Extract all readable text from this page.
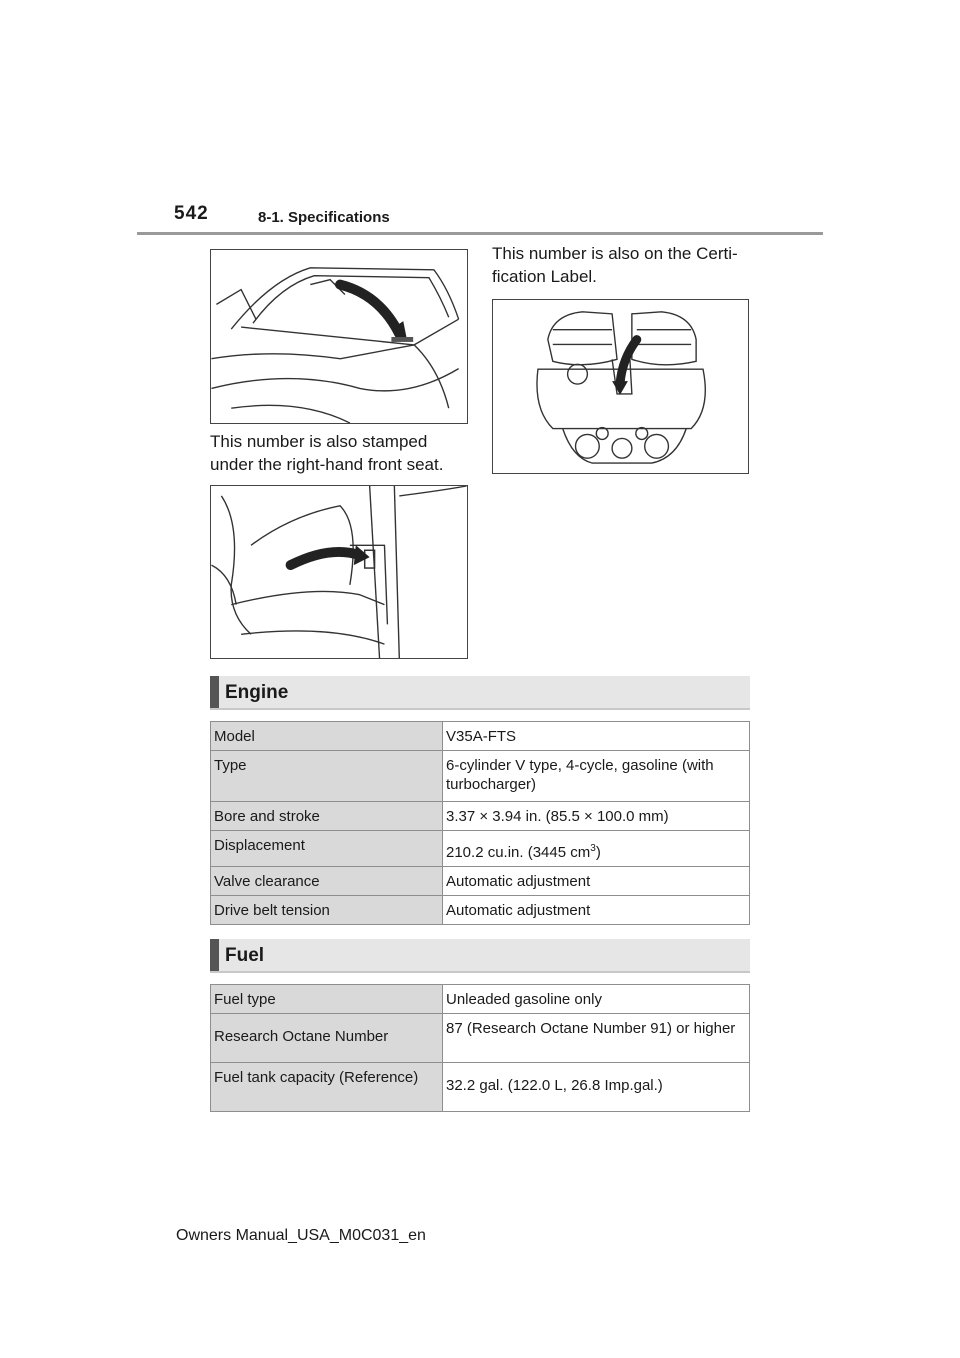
542	8-1. Specifications

This number is also stamped under the right-hand front seat.

This number is also on the Certi-fication Label.

Engine
Model	V35A-FTS
Type	6-cylinder V type, 4-cycle, gasoline (with turbocharger)
Bore and stroke	3.37 × 3.94 in. (85.5 × 100.0 mm)
Displacement	210.2 cu.in. (3445 $cm^3$)
Valve clearance	Automatic adjustment
Drive belt tension	Automatic adjustment
Fuel
Fuel type	Unleaded gasoline only
Research Octane Number	87 (Research Octane Number 91) or higher
Fuel tank capacity (Reference)	32.2 gal. (122.0 L, 26.8 Imp.gal.)
Owners Manual_USA_M0C031_en
